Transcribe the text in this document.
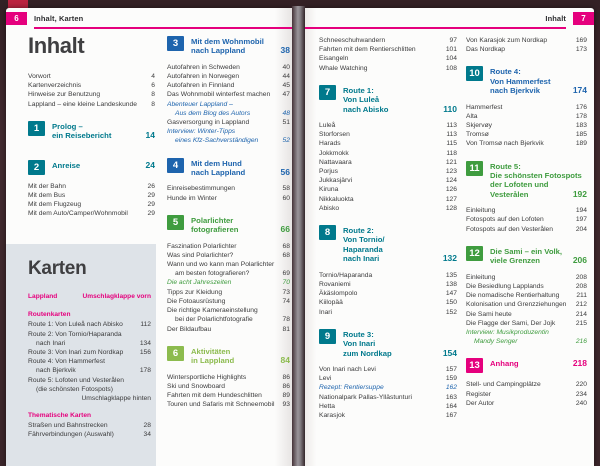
6	Inhalt, Karten
Inhalt
Vorwort	4
Kartenverzeichnis	6
Hinweise zur Benutzung	8
Lappland – eine kleine Landeskunde	8
1	Prolog –
ein Reisebericht	14
2	Anreise	24
Mit der Bahn	26
Mit dem Bus	29
Mit dem Flugzeug	29
Mit dem Auto/Camper/Wohnmobil	29
Karten
Lappland	Umschlagklappe vorn
Routenkarten
Route 1: Von Luleå nach Abisko	112
Route 2: Von Tornio/Haparanda
nach Inari	134
Route 3: Von Inari zum Nordkap	156
Route 4: Von Hammerfest
nach Bjerkvik	178
Route 5: Lofoten und Vesterålen
(die schönsten Fotospots)
Umschlagklappe hinten
Thematische Karten
Straßen und Bahnstrecken	28
Fährverbindungen (Auswahl)	34
3	Mit dem Wohnmobil
nach Lappland	38
Autofahren in Schweden	40
Autofahren in Norwegen	44
Autofahren in Finnland	45
Das Wohnmobil winterfest machen	47
Abenteuer Lappland –
Aus dem Blog des Autors	48
Gasversorgung in Lappland	51
Interview: Winter-Tipps
eines Kfz-Sachverständigen	52
4	Mit dem Hund
nach Lappland	56
Einreisebestimmungen	58
Hunde im Winter	60
5	Polarlichter
fotografieren	66
Faszination Polarlichter	68
Was sind Polarlichter?	68
Wann und wo kann man Polarlichter
am besten fotografieren?	69
Die acht Jahreszeiten	70
Tipps zur Kleidung	73
Die Fotoausrüstung	74
Die richtige Kameraeinstellung
bei der Polarlichtfotografie	78
Der Bildaufbau	81
6	Aktivitäten
in Lappland	84
Wintersportliche Highlights	86
Ski und Snowboard	86
Fahrten mit dem Hundeschlitten	89
Touren und Safaris mit Schneemobil	93
7
Inhalt
Schneeschuhwandern	97
Fahrten mit dem Rentierschlitten	101
Eisangeln	104
Whale Watching	108
7	Route 1:
Von Luleå
nach Abisko	110
Luleå	113
Storforsen	113
Harads	115
Jokkmokk	118
Nattavaara	121
Porjus	123
Jukkasjärvi	124
Kiruna	126
Nikkaluokta	127
Abisko	128
8	Route 2:
Von Tornio/
Haparanda
nach Inari	132
Tornio/Haparanda	135
Rovaniemi	138
Äkäslompolo	147
Kiilopää	150
Inari	152
9	Route 3:
Von Inari
zum Nordkap	154
Von Inari nach Levi	157
Levi	159
Rezept: Rentiersuppe	162
Nationalpark Pallas-Yllästunturi	163
Hetta	164
Karasjok	167
Von Karasjok zum Nordkap	169
Das Nordkap	173
10	Route 4:
Von Hammerfest
nach Bjerkvik	174
Hammerfest	176
Alta	178
Skjervøy	183
Tromsø	185
Von Tromsø nach Bjerkvik	189
11	Route 5:
Die schönsten Fotospots
der Lofoten und
Vesterålen	192
Einleitung	194
Fotospots auf den Lofoten	197
Fotospots auf den Vesterålen	204
12	Die Sami – ein Volk,
viele Grenzen	206
Einleitung	208
Die Besiedlung Lapplands	208
Die nomadische Rentierhaltung	211
Kolonisation und Grenzziehungen	212
Die Sami heute	214
Die Flagge der Sami, Der Jojk	215
Interview: Musikproduzentin
Mandy Senger	216
13	Anhang	218
Stell- und Campingplätze	220
Register	234
Der Autor	240
